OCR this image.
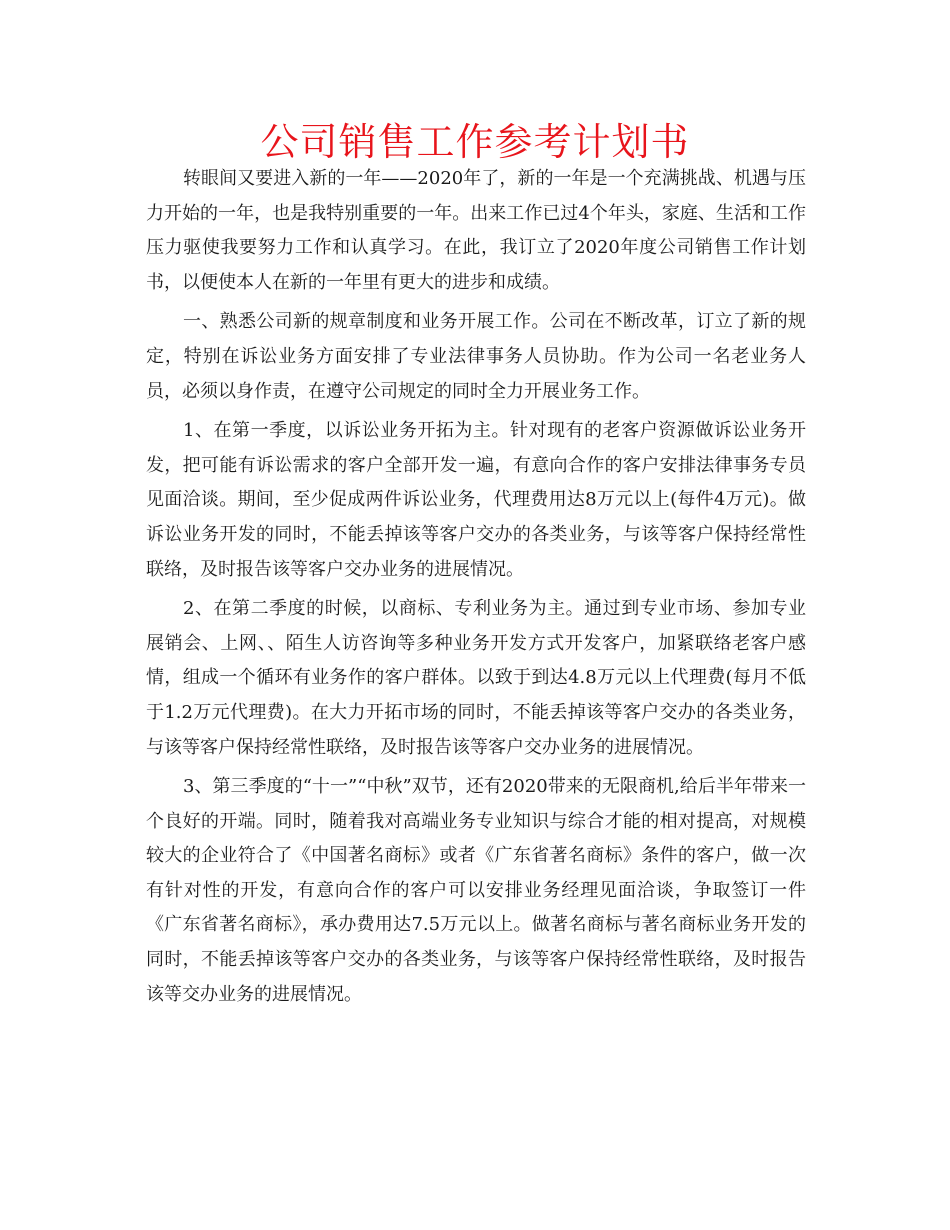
公司销售工作参考计划书

转眼间又要进入新的一年——2020年了，新的一年是一个充满挑战、机遇与压力开始的一年，也是我特别重要的一年。出来工作已过4个年头，家庭、生活和工作压力驱使我要努力工作和认真学习。在此，我订立了2020年度公司销售工作计划书，以便使本人在新的一年里有更大的进步和成绩。

一、熟悉公司新的规章制度和业务开展工作。公司在不断改革，订立了新的规定，特别在诉讼业务方面安排了专业法律事务人员协助。作为公司一名老业务人员，必须以身作责，在遵守公司规定的同时全力开展业务工作。

1、在第一季度，以诉讼业务开拓为主。针对现有的老客户资源做诉讼业务开发，把可能有诉讼需求的客户全部开发一遍，有意向合作的客户安排法律事务专员见面洽谈。期间，至少促成两件诉讼业务，代理费用达8万元以上(每件4万元)。做诉讼业务开发的同时，不能丢掉该等客户交办的各类业务，与该等客户保持经常性联络，及时报告该等客户交办业务的进展情况。

2、在第二季度的时候，以商标、专利业务为主。通过到专业市场、参加专业展销会、上网、、陌生人访咨询等多种业务开发方式开发客户，加紧联络老客户感情，组成一个循环有业务作的客户群体。以致于到达4.8万元以上代理费(每月不低于1.2万元代理费)。在大力开拓市场的同时，不能丢掉该等客户交办的各类业务，与该等客户保持经常性联络，及时报告该等客户交办业务的进展情况。

3、第三季度的“十一”“中秋”双节，还有2020带来的无限商机,给后半年带来一个良好的开端。同时，随着我对高端业务专业知识与综合才能的相对提高，对规模较大的企业符合了《中国著名商标》或者《广东省著名商标》条件的客户，做一次有针对性的开发，有意向合作的客户可以安排业务经理见面洽谈，争取签订一件《广东省著名商标》，承办费用达7.5万元以上。做著名商标与著名商标业务开发的同时，不能丢掉该等客户交办的各类业务，与该等客户保持经常性联络，及时报告该等交办业务的进展情况。
